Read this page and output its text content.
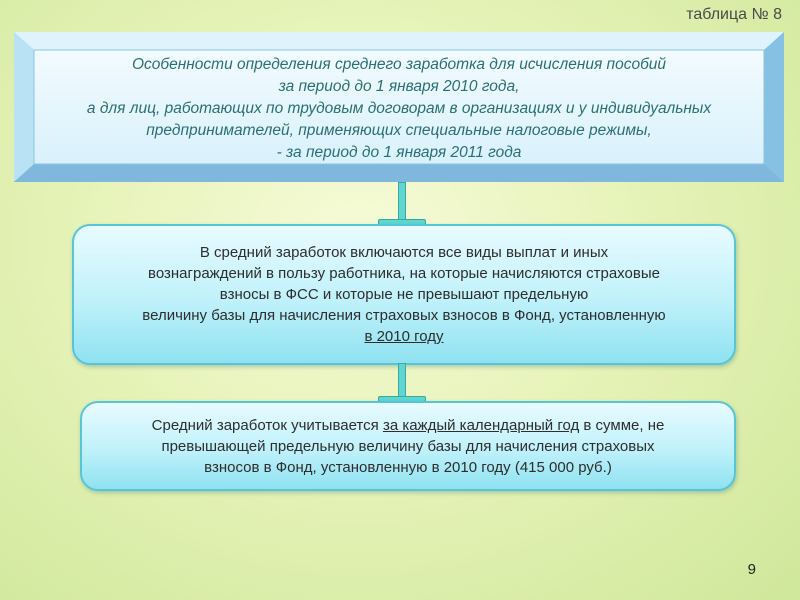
таблица № 8
Особенности определения среднего заработка для исчисления пособий
за период до 1 января 2010 года,
а для лиц, работающих по трудовым договорам в организациях и у индивидуальных
предпринимателей, применяющих специальные налоговые режимы,
- за период до 1 января 2011 года
В средний заработок включаются все виды выплат и иных
вознаграждений в пользу работника, на которые начисляются страховые
взносы в ФСС и которые не превышают предельную
величину базы для начисления страховых взносов в Фонд, установленную
в 2010 году
Средний заработок учитывается за каждый календарный год в сумме, не
превышающей предельную величину базы для начисления страховых
взносов в Фонд, установленную в 2010 году (415 000 руб.)
9
